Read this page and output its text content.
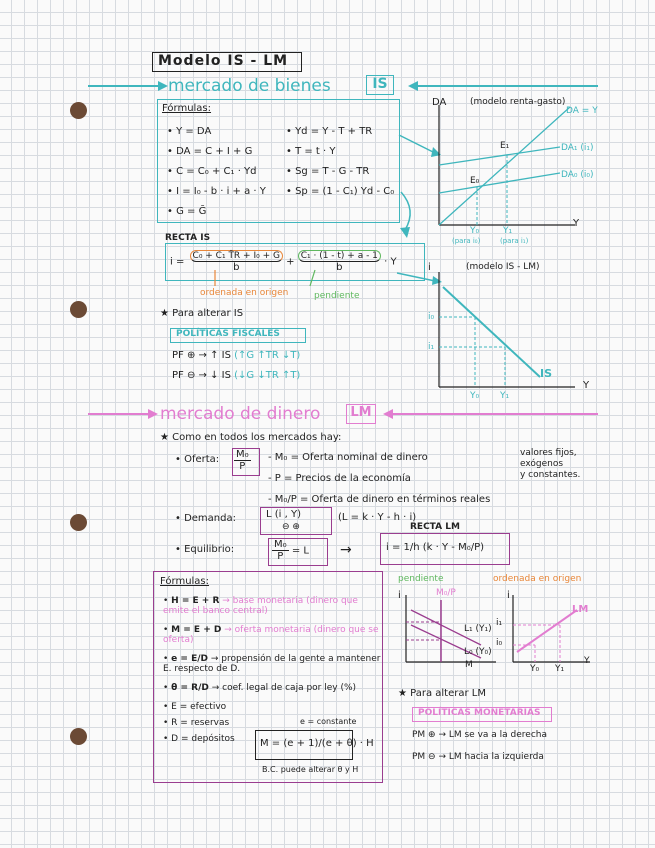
Modelo IS - LM
mercado de bienes	IS
Fórmulas:
• Y = DA
• DA = C + I + G
• C = C₀ + C₁ · Yd
• I = I₀ - b · i + a · Y
• G = Ḡ
• Yd = Y - T + TR
• T = t · Y
• Sg = T - G - TR
• Sp = (1 - C₁) Yd - C₀
RECTA IS
$i = \frac{\text{C₀ + C₁ T̄R + I₀ + G}}{b} + \frac{\text{C₁ · (1 - t) + a - 1}}{b} \cdot Y$
ordenada en origen	pendiente
★ Para alterar IS
POLÍTICAS FISCALES
PF ⊕ → ↑ IS (↑G ↑TR ↓T)
PF ⊖ → ↓ IS (↓G ↓TR ↑T)
DA	(modelo renta-gasto)
DA = Y
DA₁ (i₁)
DA₀ (i₀)
E₁
E₀
Y
Y₀	Y₁
(para i₀)	(para i₁)
i	(modelo IS - LM)
i₀
i₁
IS
Y
Y₀ Y₁
mercado de dinero	LM
★ Como en todos los mercados hay:
• Oferta: $\frac{\text{M₀}}{P} - M_0$ = Oferta nominal de dinero
- P = Precios de la economía
- M₀/P = Oferta de dinero en términos reales
valores fijos,
exógenos
y constantes.
• Demanda:	L (i , Y)
⊖ ⊕
(L = k · Y - h · i)
• Equilibrio:	$\frac{\text{M₀}}{P} = L$ →
RECTA LM
i = 1/h (k · Y - M₀/P)
pendiente	ordenada en origen
Fórmulas:
• H = E + R → base monetaria (dinero que emite el banco central)
• M = E + D → oferta monetaria (dinero que se oferta)
• e = E/D → propensión de la gente a mantener E. respecto de D.
• θ = R/D → coef. legal de caja por ley (%)
• E = efectivo
• R = reservas
• D = depósitos
e = constante
M = (e + 1)/(e + θ) · H
B.C. puede alterar θ y H
i	M₀/P
L₁ (Y₁)
L₀ (Y₀)
M
i
LM
i₁
i₀
Y₀ Y₁
Y
★ Para alterar LM
POLÍTICAS MONETARIAS
PM ⊕ → LM se va a la derecha
PM ⊖ → LM hacia la izquierda
